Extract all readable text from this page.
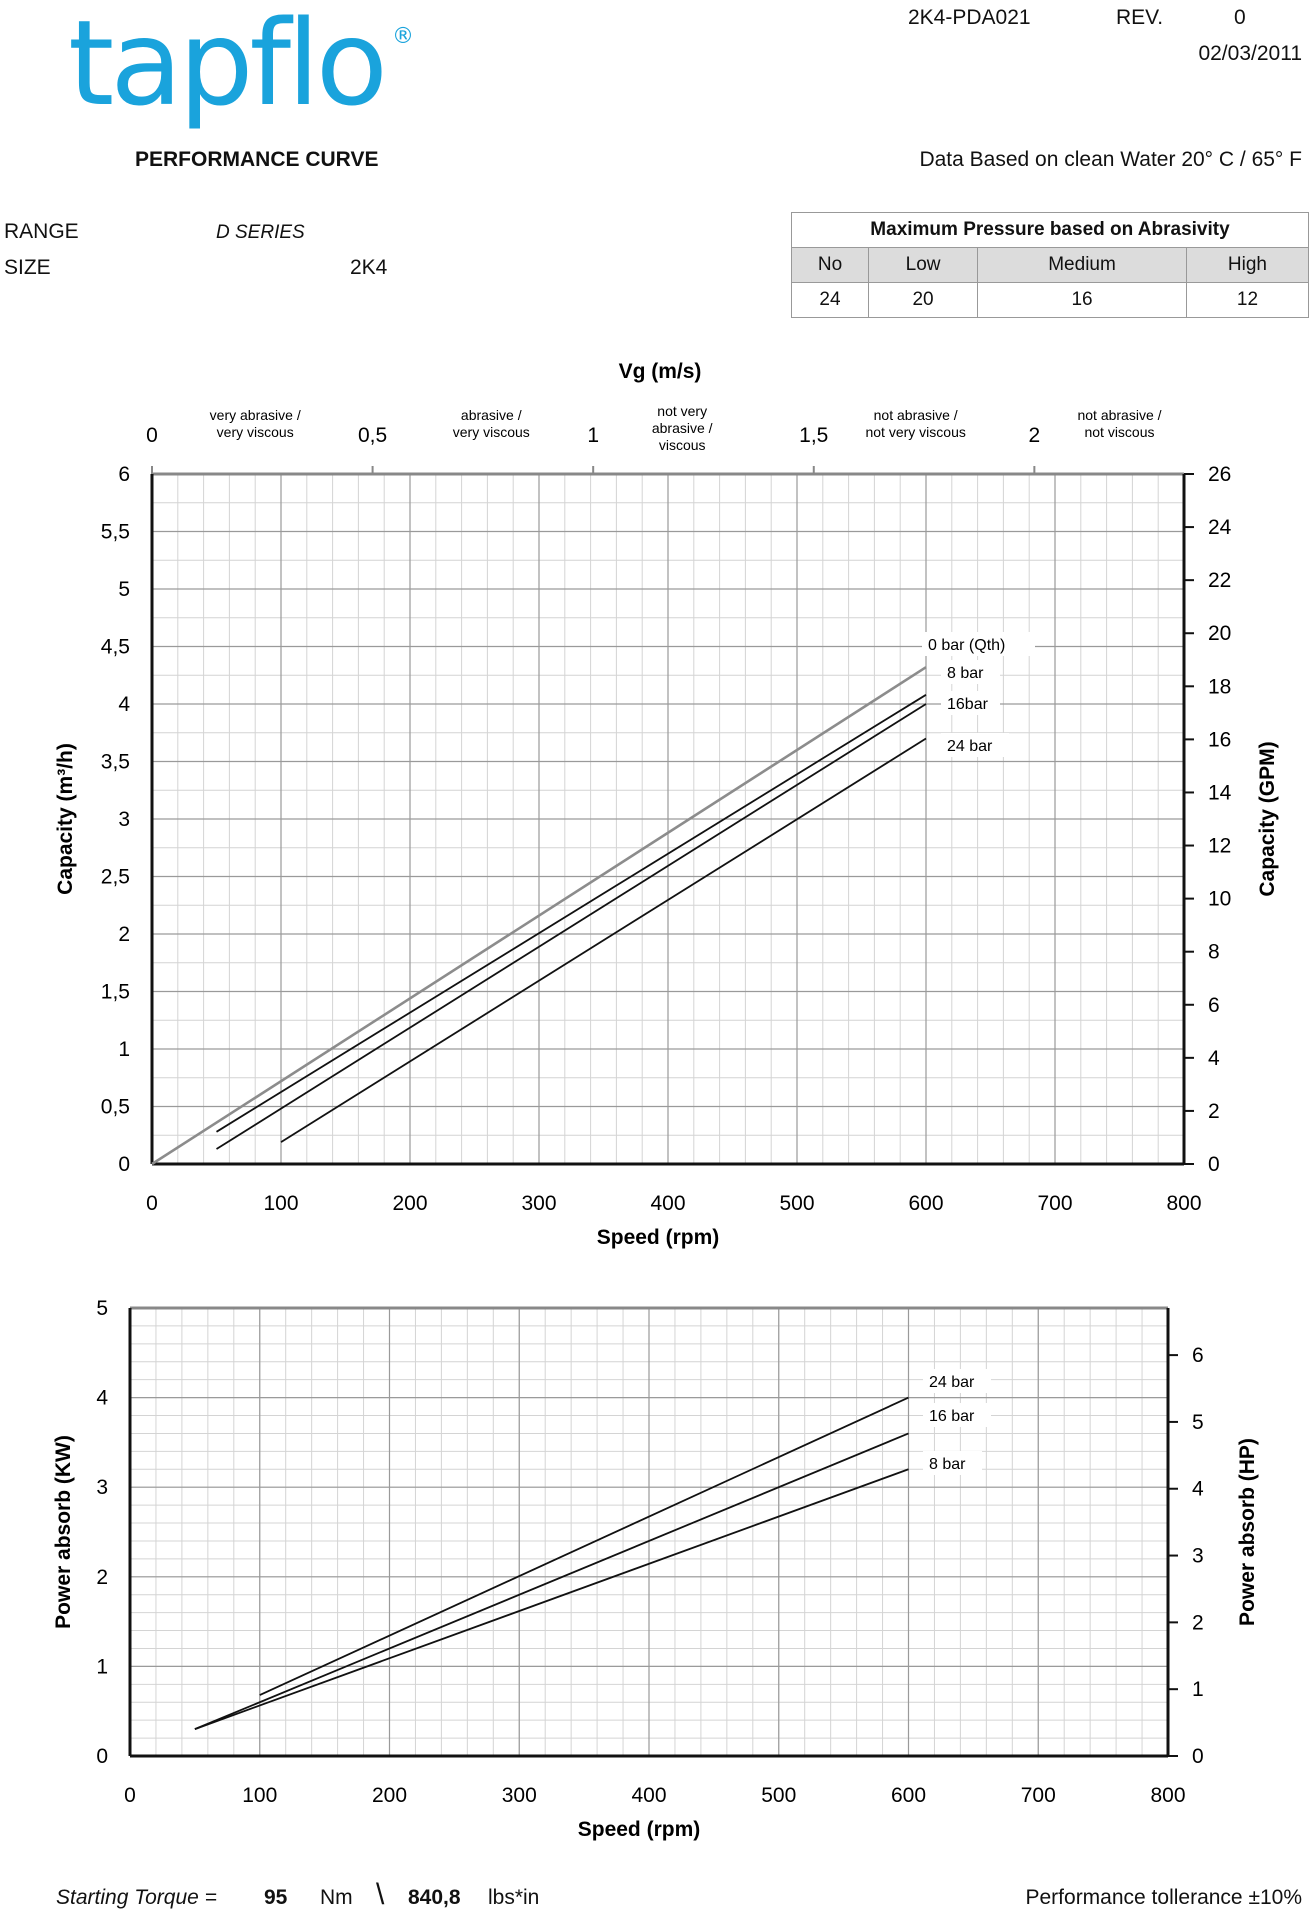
tapflo ®
PERFORMANCE CURVE
2K4-PDA021	REV.	0
02/03/2011
Data Based on clean Water 20° C / 65° F
RANGE	D SERIES
SIZE	2K4
Maximum Pressure based on Abrasivity			
No	Low	Medium	High
24	20	16	12
0	100	200	300	400	500	600	700	800
0
0,5
1
1,5
2
2,5
3
3,5
4
4,5
5
5,5
6
0
2
4
6
8
10
12
14
16
18
20
22
24
26
Speed (rpm)
Capacity (m³/h)	Capacity (GPM)
0 bar (Qth)
8 bar
16bar
24 bar
Vg (m/s)
0	0,5	1	1,5	2
very abrasive /
very viscous
abrasive /
very viscous
not very
abrasive /
viscous
not abrasive /
not very viscous
not abrasive /
not viscous
0	100	200	300	400	500	600	700	800
0
1
2
3
4
5
0
1
2
3
4
5
6
Speed (rpm)
Power absorb (KW)	Power absorb (HP)
24 bar
16 bar
8 bar
Starting Torque = 95 Nm \ 840,8 lbs*in	Performance tollerance ±10%
